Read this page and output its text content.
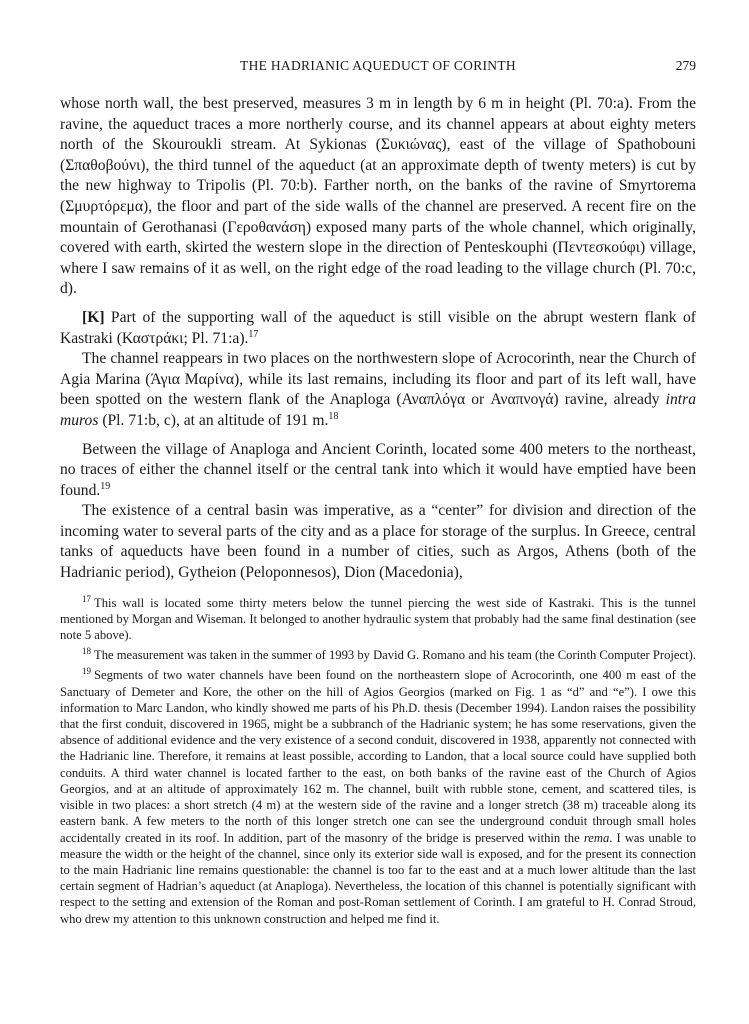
THE HADRIANIC AQUEDUCT OF CORINTH	279

whose north wall, the best preserved, measures 3 m in length by 6 m in height (Pl. 70:a). From the ravine, the aqueduct traces a more northerly course, and its channel appears at about eighty meters north of the Skouroukli stream. At Sykionas (Συκιώνας), east of the village of Spathobouni (Σπαθοβούνι), the third tunnel of the aqueduct (at an approximate depth of twenty meters) is cut by the new highway to Tripolis (Pl. 70:b). Farther north, on the banks of the ravine of Smyrtorema (Σμυρτόρεμα), the floor and part of the side walls of the channel are preserved. A recent fire on the mountain of Gerothanasi (Γεροθανάση) exposed many parts of the whole channel, which originally, covered with earth, skirted the western slope in the direction of Penteskouphi (Πεντεσκούφι) village, where I saw remains of it as well, on the right edge of the road leading to the village church (Pl. 70:c, d).

[K] Part of the supporting wall of the aqueduct is still visible on the abrupt western flank of Kastraki (Καστράκι; Pl. 71:a).$^{17}$

The channel reappears in two places on the northwestern slope of Acrocorinth, near the Church of Agia Marina (Άγια Μαρίνα), while its last remains, including its floor and part of its left wall, have been spotted on the western flank of the Anaploga (Αναπλόγα or Αναπνογά) ravine, already intra muros (Pl. 71:b, c), at an altitude of 191 m.$^{18}$

Between the village of Anaploga and Ancient Corinth, located some 400 meters to the northeast, no traces of either the channel itself or the central tank into which it would have emptied have been found.$^{19}$

The existence of a central basin was imperative, as a “center” for division and direction of the incoming water to several parts of the city and as a place for storage of the surplus. In Greece, central tanks of aqueducts have been found in a number of cities, such as Argos, Athens (both of the Hadrianic period), Gytheion (Peloponnesos), Dion (Macedonia),

$^{17}$ This wall is located some thirty meters below the tunnel piercing the west side of Kastraki. This is the tunnel mentioned by Morgan and Wiseman. It belonged to another hydraulic system that probably had the same final destination (see note 5 above).

$^{18}$ The measurement was taken in the summer of 1993 by David G. Romano and his team (the Corinth Computer Project).

$^{19}$ Segments of two water channels have been found on the northeastern slope of Acrocorinth, one 400 m east of the Sanctuary of Demeter and Kore, the other on the hill of Agios Georgios (marked on Fig. 1 as “d” and “e”). I owe this information to Marc Landon, who kindly showed me parts of his Ph.D. thesis (December 1994). Landon raises the possibility that the first conduit, discovered in 1965, might be a subbranch of the Hadrianic system; he has some reservations, given the absence of additional evidence and the very existence of a second conduit, discovered in 1938, apparently not connected with the Hadrianic line. Therefore, it remains at least possible, according to Landon, that a local source could have supplied both conduits. A third water channel is located farther to the east, on both banks of the ravine east of the Church of Agios Georgios, and at an altitude of approximately 162 m. The channel, built with rubble stone, cement, and scattered tiles, is visible in two places: a short stretch (4 m) at the western side of the ravine and a longer stretch (38 m) traceable along its eastern bank. A few meters to the north of this longer stretch one can see the underground conduit through small holes accidentally created in its roof. In addition, part of the masonry of the bridge is preserved within the rema. I was unable to measure the width or the height of the channel, since only its exterior side wall is exposed, and for the present its connection to the main Hadrianic line remains questionable: the channel is too far to the east and at a much lower altitude than the last certain segment of Hadrian’s aqueduct (at Anaploga). Nevertheless, the location of this channel is potentially significant with respect to the setting and extension of the Roman and post-Roman settlement of Corinth. I am grateful to H. Conrad Stroud, who drew my attention to this unknown construction and helped me find it.
